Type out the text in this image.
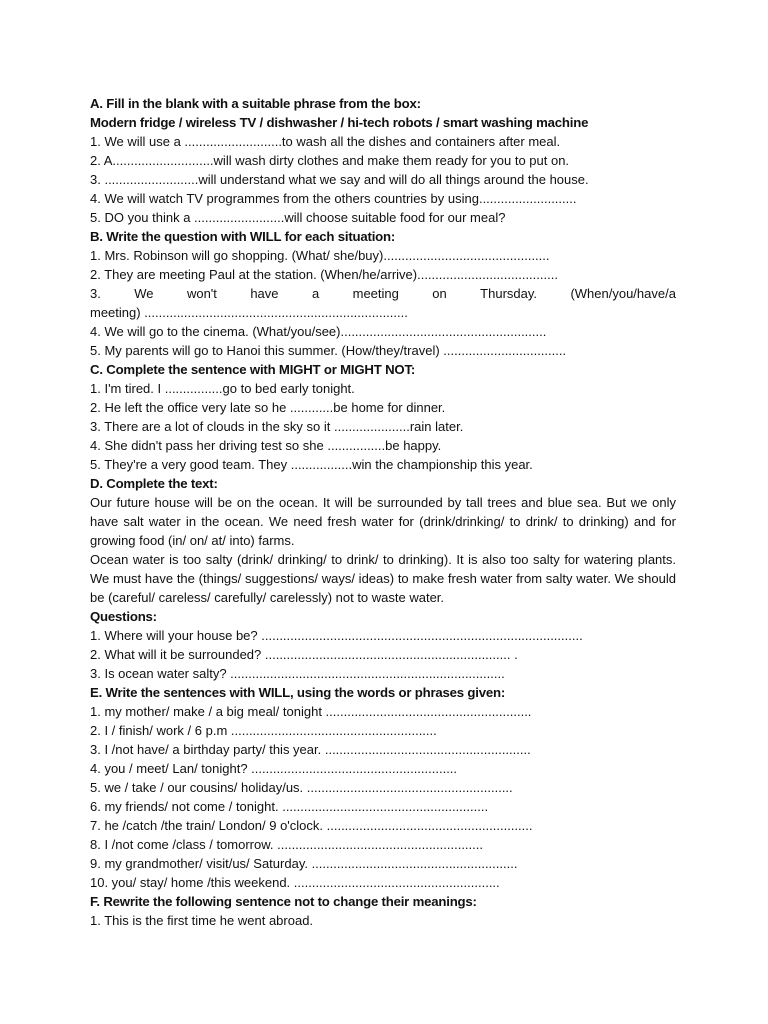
A. Fill in the blank with a suitable phrase from the box:

Modern fridge / wireless TV / dishwasher / hi-tech robots / smart washing machine

1. We will use a ...........................to wash all the dishes and containers after meal.

2. A............................will wash dirty clothes and make them ready for you to put on.

3. ..........................will understand what we say and will do all things around the house.

4. We will watch TV programmes from the others countries by using...........................

5. DO you think a .........................will choose suitable food for our meal?

B. Write the question with WILL for each situation:

1. Mrs. Robinson will go shopping. (What/ she/buy)..............................................

2. They are meeting Paul at the station. (When/he/arrive).......................................

3.	We	won't	have	a	meeting	on	Thursday.	(When/you/have/a

meeting) .........................................................................

4. We will go to the cinema. (What/you/see).........................................................

5. My parents will go to Hanoi this summer. (How/they/travel) ..................................

C. Complete the sentence with MIGHT or MIGHT NOT:

1. I'm tired. I ................go to bed early tonight.

2. He left the office very late so he ............be home for dinner.

3. There are a lot of clouds in the sky so it .....................rain later.

4. She didn't pass her driving test so she ................be happy.

5. They're a very good team. They .................win the championship this year.

D. Complete the text:

Our future house will be on the ocean. It will be surrounded by tall trees and blue sea. But we only have salt water in the ocean. We need fresh water for (drink/drinking/ to drink/ to drinking) and for growing food (in/ on/ at/ into) farms.

Ocean water is too salty (drink/ drinking/ to drink/ to drinking). It is also too salty for watering plants. We must have the (things/ suggestions/ ways/ ideas) to make fresh water from salty water. We should be (careful/ careless/ carefully/ carelessly) not to waste water.

Questions:

1. Where will your house be? .........................................................................................

2. What will it be surrounded? .................................................................... .

3. Is ocean water salty? ............................................................................

E. Write the sentences with WILL, using the words or phrases given:

1. my mother/ make / a big meal/ tonight .........................................................

2. I / finish/ work / 6 p.m .........................................................

3. I /not have/ a birthday party/ this year. .........................................................

4. you / meet/ Lan/ tonight? .........................................................

5. we / take / our cousins/ holiday/us. .........................................................

6. my friends/ not come / tonight. .........................................................

7. he /catch /the train/ London/ 9 o'clock. .........................................................

8. I /not come /class / tomorrow. .........................................................

9. my grandmother/ visit/us/ Saturday. .........................................................

10. you/ stay/ home /this weekend. .........................................................

F. Rewrite the following sentence not to change their meanings:

1. This is the first time he went abroad.
